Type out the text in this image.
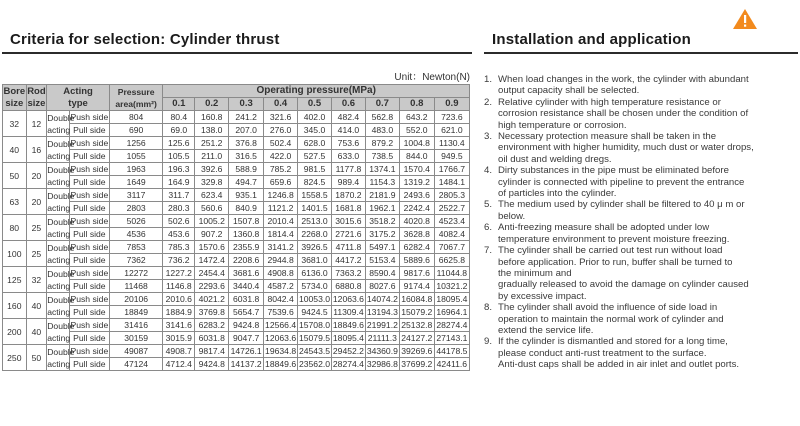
Criteria for selection: Cylinder thrust
Unit：Newton(N)
Bore
size	Rod
size	Acting
type		Pressure
area(mm²)	Operating pressure(MPa)								
					0.1	0.2	0.3	0.4	0.5	0.6	0.7	0.8	0.9
32	12	Double
acting	Push side	804	80.4	160.8	241.2	321.6	402.0	482.4	562.8	643.2	723.6
			Pull side	690	69.0	138.0	207.0	276.0	345.0	414.0	483.0	552.0	621.0
40	16	Double
acting	Push side	1256	125.6	251.2	376.8	502.4	628.0	753.6	879.2	1004.8	1130.4
			Pull side	1055	105.5	211.0	316.5	422.0	527.5	633.0	738.5	844.0	949.5
50	20	Double
acting	Push side	1963	196.3	392.6	588.9	785.2	981.5	1177.8	1374.1	1570.4	1766.7
			Pull side	1649	164.9	329.8	494.7	659.6	824.5	989.4	1154.3	1319.2	1484.1
63	20	Double
acting	Push side	3117	311.7	623.4	935.1	1246.8	1558.5	1870.2	2181.9	2493.6	2805.3
			Pull side	2803	280.3	560.6	840.9	1121.2	1401.5	1681.8	1962.1	2242.4	2522.7
80	25	Double
acting	Push side	5026	502.6	1005.2	1507.8	2010.4	2513.0	3015.6	3518.2	4020.8	4523.4
			Pull side	4536	453.6	907.2	1360.8	1814.4	2268.0	2721.6	3175.2	3628.8	4082.4
100	25	Double
acting	Push side	7853	785.3	1570.6	2355.9	3141.2	3926.5	4711.8	5497.1	6282.4	7067.7
			Pull side	7362	736.2	1472.4	2208.6	2944.8	3681.0	4417.2	5153.4	5889.6	6625.8
125	32	Double
acting	Push side	12272	1227.2	2454.4	3681.6	4908.8	6136.0	7363.2	8590.4	9817.6	11044.8
			Pull side	11468	1146.8	2293.6	3440.4	4587.2	5734.0	6880.8	8027.6	9174.4	10321.2
160	40	Double
acting	Push side	20106	2010.6	4021.2	6031.8	8042.4	10053.0	12063.6	14074.2	16084.8	18095.4
			Pull side	18849	1884.9	3769.8	5654.7	7539.6	9424.5	11309.4	13194.3	15079.2	16964.1
200	40	Double
acting	Push side	31416	3141.6	6283.2	9424.8	12566.4	15708.0	18849.6	21991.2	25132.8	28274.4
			Pull side	30159	3015.9	6031.8	9047.7	12063.6	15079.5	18095.4	21111.3	24127.2	27143.1
250	50	Double
acting	Push side	49087	4908.7	9817.4	14726.1	19634.8	24543.5	29452.2	34360.9	39269.6	44178.5
			Pull side	47124	4712.4	9424.8	14137.2	18849.6	23562.0	28274.4	32986.8	37699.2	42411.6
Installation and application
1. When load changes in the work, the cylinder with abundant
output capacity shall be selected.
2. Relative cylinder with high temperature resistance or
corrosion resistance shall be chosen under the condition of
high temperature or corrosion.
3. Necessary protection measure shall be taken in the
environment with higher humidity, much dust or water drops,
oil dust and welding dregs.
4. Dirty substances in the pipe must be eliminated before
cylinder is connected with pipeline to prevent the entrance
of particles into the cylinder.
5. The medium used by cylinder shall be filtered to 40 μ m or
below.
6. Anti-freezing measure shall be adopted under low
temperature environment to prevent moisture freezing.
7. The cylinder shall be carried out test run without load
before application. Prior to run, buffer shall be turned to
the minimum and
gradually released to avoid the damage on cylinder caused
by excessive impact.
8. The cylinder shall avoid the influence of side load in
operation to maintain the normal work of cylinder and
extend the service life.
9. If the cylinder is dismantled and stored for a long time,
please conduct anti-rust treatment to the surface.
Anti-dust caps shall be added in air inlet and outlet ports.
